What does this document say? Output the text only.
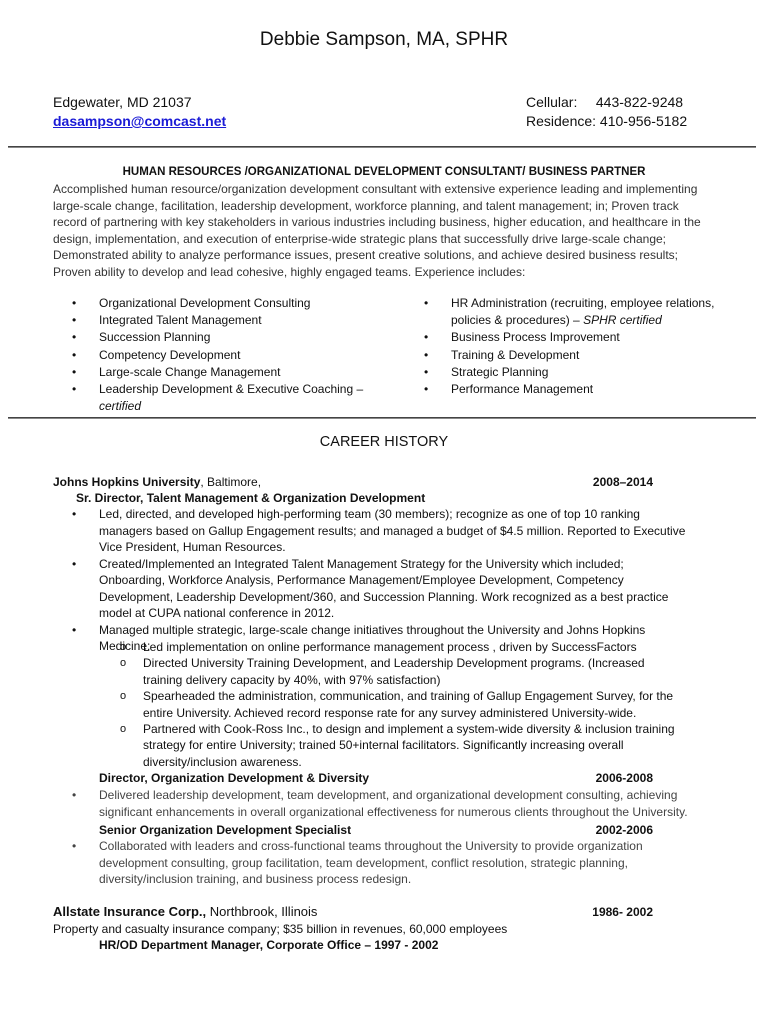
Debbie Sampson, MA, SPHR
Edgewater, MD 21037
dasampson@comcast.net
Cellular: 443-822-9248
Residence: 410-956-5182
HUMAN RESOURCES /ORGANIZATIONAL DEVELOPMENT CONSULTANT/ BUSINESS PARTNER
Accomplished human resource/organization development consultant with extensive experience leading and implementing large-scale change, facilitation, leadership development, workforce planning, and talent management; in; Proven track record of partnering with key stakeholders in various industries including business, higher education, and healthcare in the design, implementation, and execution of enterprise-wide strategic plans that successfully drive large-scale change; Demonstrated ability to analyze performance issues, present creative solutions, and achieve desired business results; Proven ability to develop and lead cohesive, highly engaged teams. Experience includes:
• Organizational Development Consulting
• Integrated Talent Management
• Succession Planning
• Competency Development
• Large-scale Change Management
• Leadership Development & Executive Coaching –
certified
• HR Administration (recruiting, employee relations, policies & procedures) – SPHR certified
• Business Process Improvement
• Training & Development
• Strategic Planning
• Performance Management
CAREER HISTORY
Johns Hopkins University, Baltimore,	2008–2014
Sr. Director, Talent Management & Organization Development
• Led, directed, and developed high-performing team (30 members); recognize as one of top 10 ranking managers based on Gallup Engagement results; and managed a budget of $4.5 million. Reported to Executive Vice President, Human Resources.
• Created/Implemented an Integrated Talent Management Strategy for the University which included; Onboarding, Workforce Analysis, Performance Management/Employee Development, Competency Development, Leadership Development/360, and Succession Planning. Work recognized as a best practice model at CUPA national conference in 2012.
• Managed multiple strategic, large-scale change initiatives throughout the University and Johns Hopkins Medicine:
o Led implementation on online performance management process , driven by SuccessFactors
o Directed University Training Development, and Leadership Development programs. (Increased training delivery capacity by 40%, with 97% satisfaction)
o Spearheaded the administration, communication, and training of Gallup Engagement Survey, for the entire University. Achieved record response rate for any survey administered University-wide.
o Partnered with Cook-Ross Inc., to design and implement a system-wide diversity & inclusion training strategy for entire University; trained 50+internal facilitators. Significantly increasing overall diversity/inclusion awareness.
Director, Organization Development & Diversity	2006-2008
• Delivered leadership development, team development, and organizational development consulting, achieving significant enhancements in overall organizational effectiveness for numerous clients throughout the University.
Senior Organization Development Specialist	2002-2006
• Collaborated with leaders and cross-functional teams throughout the University to provide organization development consulting, group facilitation, team development, conflict resolution, strategic planning, diversity/inclusion training, and business process redesign.
Allstate Insurance Corp., Northbrook, Illinois	1986- 2002
Property and casualty insurance company; $35 billion in revenues, 60,000 employees
HR/OD Department Manager, Corporate Office – 1997 - 2002
